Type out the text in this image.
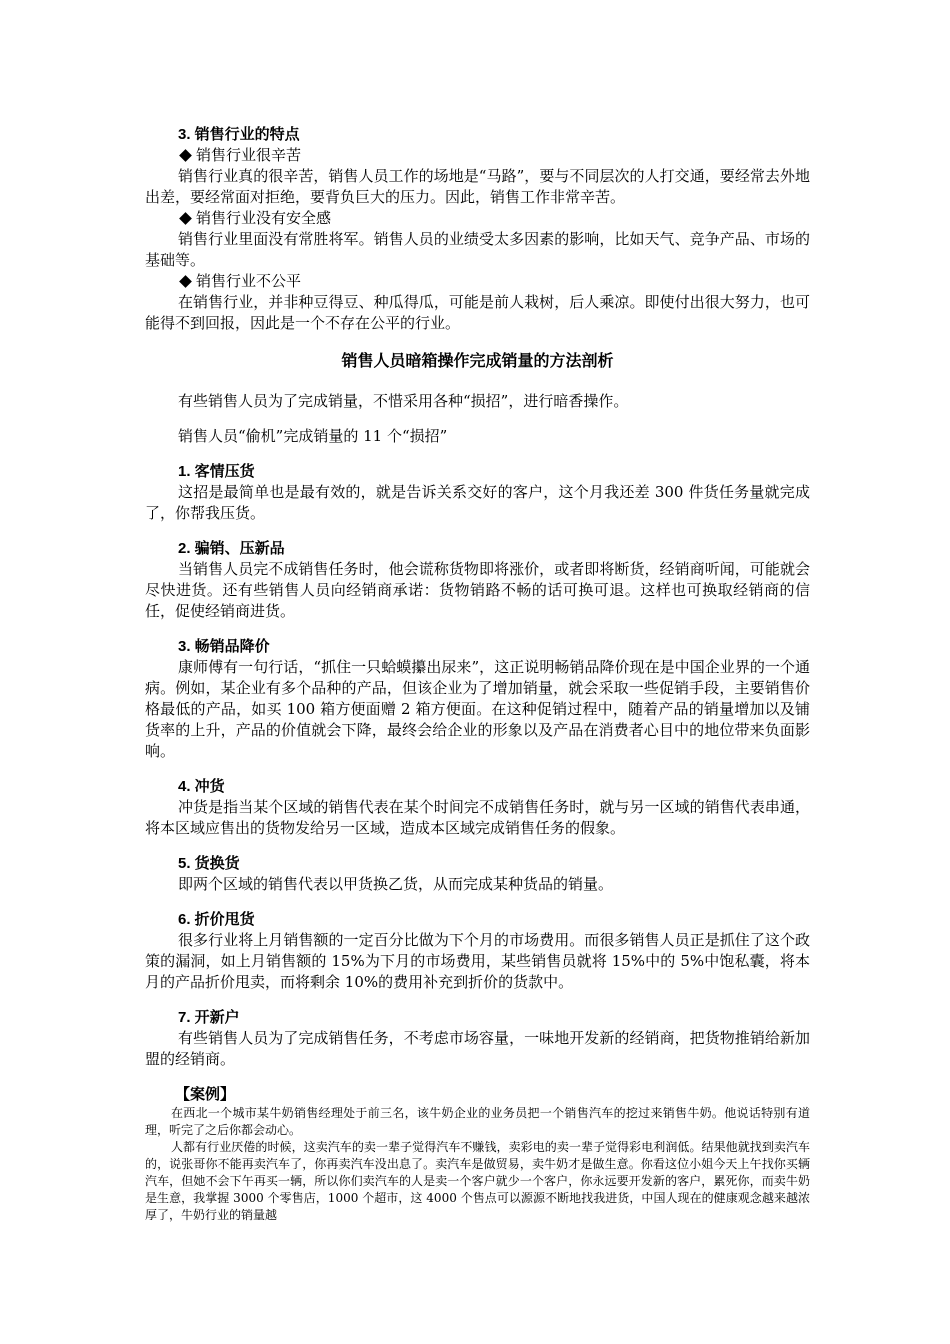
3. 销售行业的特点

销售行业很辛苦

销售行业真的很辛苦，销售人员工作的场地是“马路”，要与不同层次的人打交通，要经常去外地出差，要经常面对拒绝，要背负巨大的压力。因此，销售工作非常辛苦。

销售行业没有安全感

销售行业里面没有常胜将军。销售人员的业绩受太多因素的影响，比如天气、竞争产品、市场的基础等。

销售行业不公平

在销售行业，并非种豆得豆、种瓜得瓜，可能是前人栽树，后人乘凉。即使付出很大努力，也可能得不到回报，因此是一个不存在公平的行业。

销售人员暗箱操作完成销量的方法剖析

有些销售人员为了完成销量，不惜采用各种“损招”，进行暗香操作。

销售人员“偷机”完成销量的 11 个“损招”

1. 客情压货

这招是最简单也是最有效的，就是告诉关系交好的客户，这个月我还差 300 件货任务量就完成了，你帮我压货。

2. 骗销、压新品

当销售人员完不成销售任务时，他会谎称货物即将涨价，或者即将断货，经销商听闻，可能就会尽快进货。还有些销售人员向经销商承诺：货物销路不畅的话可换可退。这样也可换取经销商的信任，促使经销商进货。

3. 畅销品降价

康师傅有一句行话，“抓住一只蛤蟆攥出尿来”，这正说明畅销品降价现在是中国企业界的一个通病。例如，某企业有多个品种的产品，但该企业为了增加销量，就会采取一些促销手段，主要销售价格最低的产品，如买 100 箱方便面赠 2 箱方便面。在这种促销过程中，随着产品的销量增加以及铺货率的上升，产品的价值就会下降，最终会给企业的形象以及产品在消费者心目中的地位带来负面影响。

4. 冲货

冲货是指当某个区域的销售代表在某个时间完不成销售任务时，就与另一区域的销售代表串通，将本区域应售出的货物发给另一区域，造成本区域完成销售任务的假象。

5. 货换货

即两个区域的销售代表以甲货换乙货，从而完成某种货品的销量。

6. 折价甩货

很多行业将上月销售额的一定百分比做为下个月的市场费用。而很多销售人员正是抓住了这个政策的漏洞，如上月销售额的 15%为下月的市场费用，某些销售员就将 15%中的 5%中饱私囊，将本月的产品折价甩卖，而将剩余 10%的费用补充到折价的货款中。

7. 开新户

有些销售人员为了完成销售任务，不考虑市场容量，一味地开发新的经销商，把货物推销给新加盟的经销商。

【案例】

在西北一个城市某牛奶销售经理处于前三名，该牛奶企业的业务员把一个销售汽车的挖过来销售牛奶。他说话特别有道理，听完了之后你都会动心。

人都有行业厌倦的时候，这卖汽车的卖一辈子觉得汽车不赚钱，卖彩电的卖一辈子觉得彩电利润低。结果他就找到卖汽车的，说张哥你不能再卖汽车了，你再卖汽车没出息了。卖汽车是做贸易，卖牛奶才是做生意。你看这位小姐今天上午找你买辆汽车，但她不会下午再买一辆，所以你们卖汽车的人是卖一个客户就少一个客户，你永远要开发新的客户，累死你，而卖牛奶是生意，我掌握 3000 个零售店，1000 个超市，这 4000 个售点可以源源不断地找我进货，中国人现在的健康观念越来越浓厚了，牛奶行业的销量越
